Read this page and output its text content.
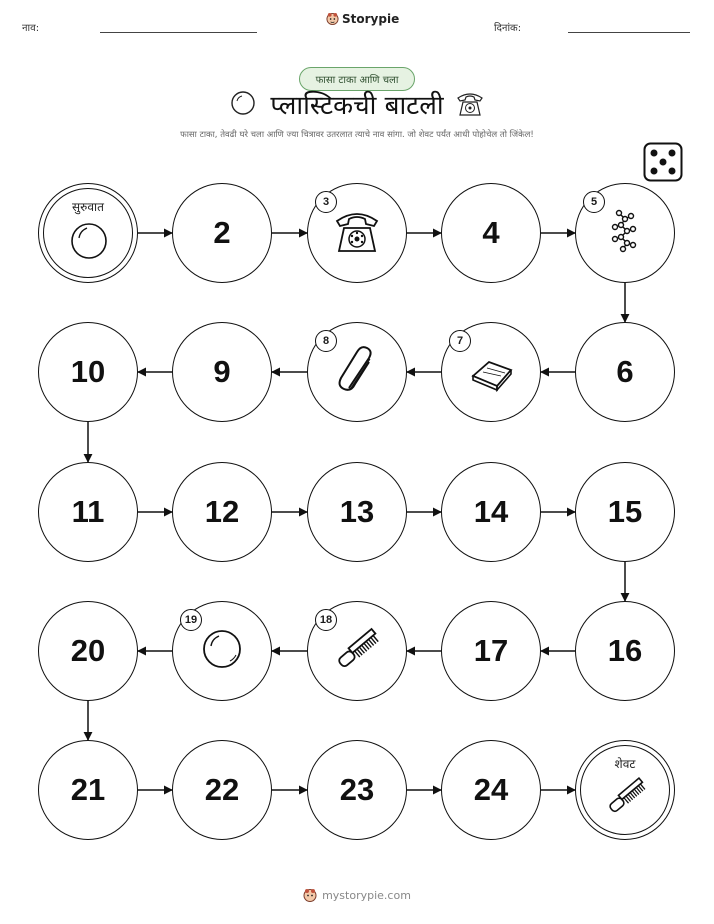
नाव:
Storypie
दिनांक:
फासा टाका आणि चला
प्लास्टिकची बाटली
फासा टाका, तेवढी घरे चला आणि ज्या चित्रावर उतरलात त्याचे नाव सांगा. जो शेवट पर्यंत आधी पोहोचेल तो जिंकेल!
सुरुवात
2
3
4
5
6
7
8
9
10
11	12	13	14	15
16
17
18
19
20
21	22	23	24
शेवट
mystorypie.com
